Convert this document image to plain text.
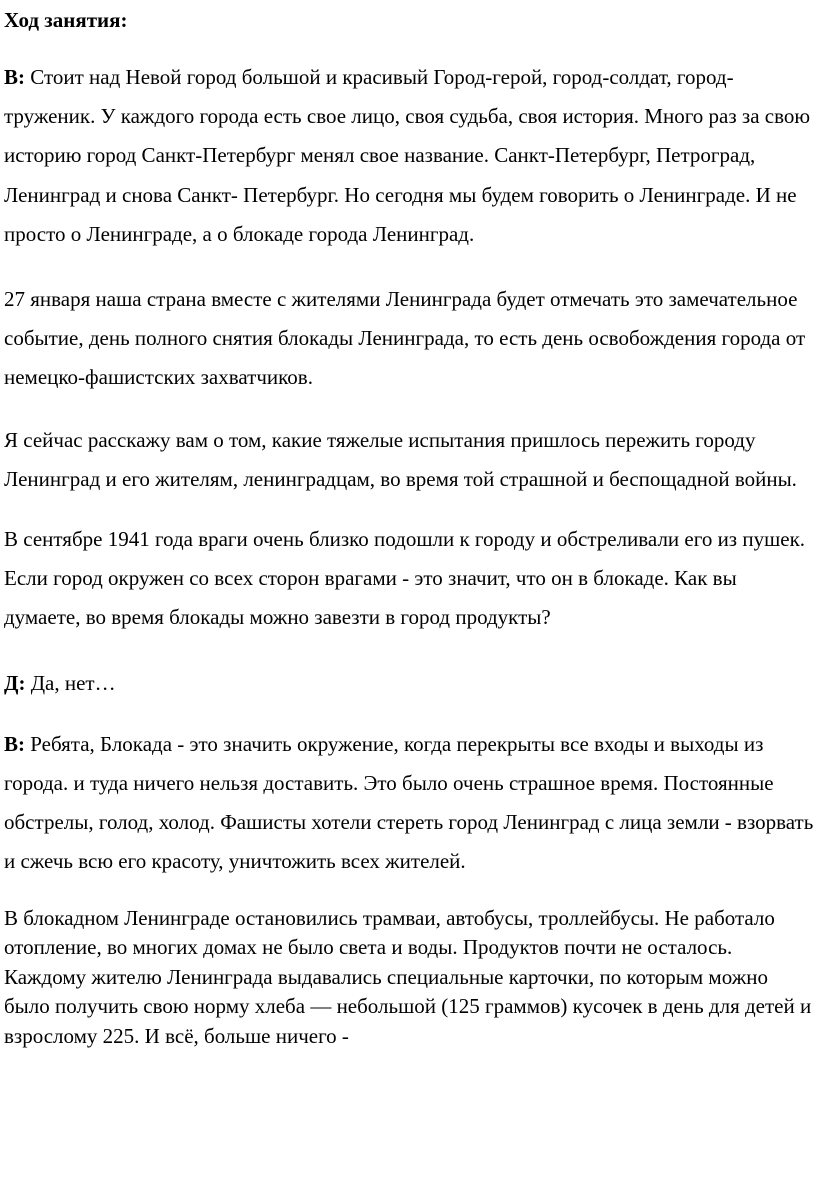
Ход занятия:

В: Стоит над Невой город большой и красивый Город-герой, город-солдат, город- труженик. У каждого города есть свое лицо, своя судьба, своя история. Много раз за свою историю город Санкт-Петербург менял свое название. Санкт-Петербург, Петроград, Ленинград и снова Санкт- Петербург. Но сегодня мы будем говорить о Ленинграде. И не просто о Ленинграде, а о блокаде города Ленинград.

27 января наша страна вместе с жителями Ленинграда будет отмечать это замечательное событие, день полного снятия блокады Ленинграда, то есть день освобождения города от немецко-фашистских захватчиков.

Я сейчас расскажу вам о том, какие тяжелые испытания пришлось пережить городу Ленинград и его жителям, ленинградцам, во время той страшной и беспощадной войны.

В сентябре 1941 года враги очень близко подошли к городу и обстреливали его из пушек. Если город окружен со всех сторон врагами - это значит, что он в блокаде. Как вы думаете, во время блокады можно завезти в город продукты?

Д: Да, нет…

В: Ребята, Блокада - это значить окружение, когда перекрыты все входы и выходы из города. и туда ничего нельзя доставить. Это было очень страшное время. Постоянные обстрелы, голод, холод. Фашисты хотели стереть город Ленинград с лица земли - взорвать и сжечь всю его красоту, уничтожить всех жителей.

В блокадном Ленинграде остановились трамваи, автобусы, троллейбусы. Не работало отопление, во многих домах не было света и воды. Продуктов почти не осталось. Каждому жителю Ленинграда выдавались специальные карточки, по которым можно было получить свою норму хлеба — небольшой (125 граммов) кусочек в день для детей и взрослому 225. И всё, больше ничего -
